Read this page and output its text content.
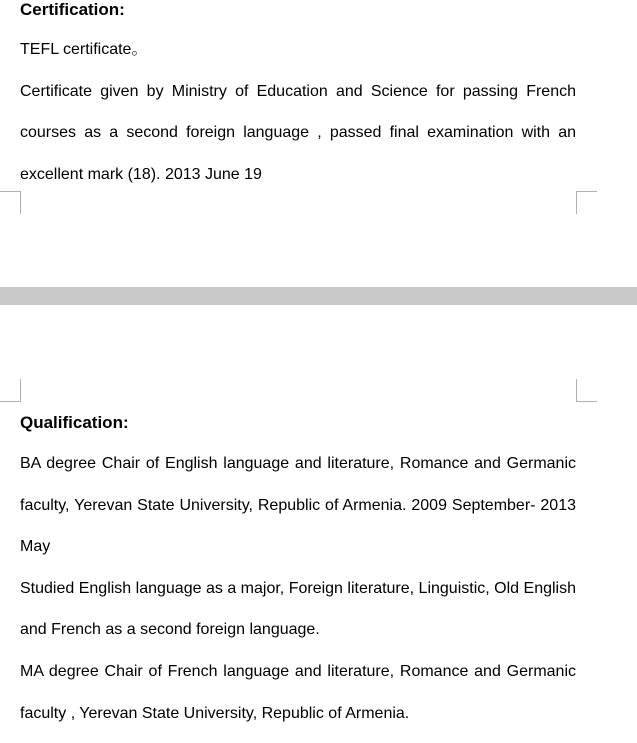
Certification:

TEFL certificate。

Certificate given by Ministry of Education and Science for passing French courses as a second foreign language , passed final examination with an excellent mark (18). 2013 June 19

Qualification:

BA degree Chair of English language and literature, Romance and Germanic faculty, Yerevan State University, Republic of Armenia. 2009 September- 2013 May

Studied English language as a major, Foreign literature, Linguistic, Old English and French as a second foreign language.

MA degree Chair of French language and literature, Romance and Germanic faculty , Yerevan State University, Republic of Armenia.
